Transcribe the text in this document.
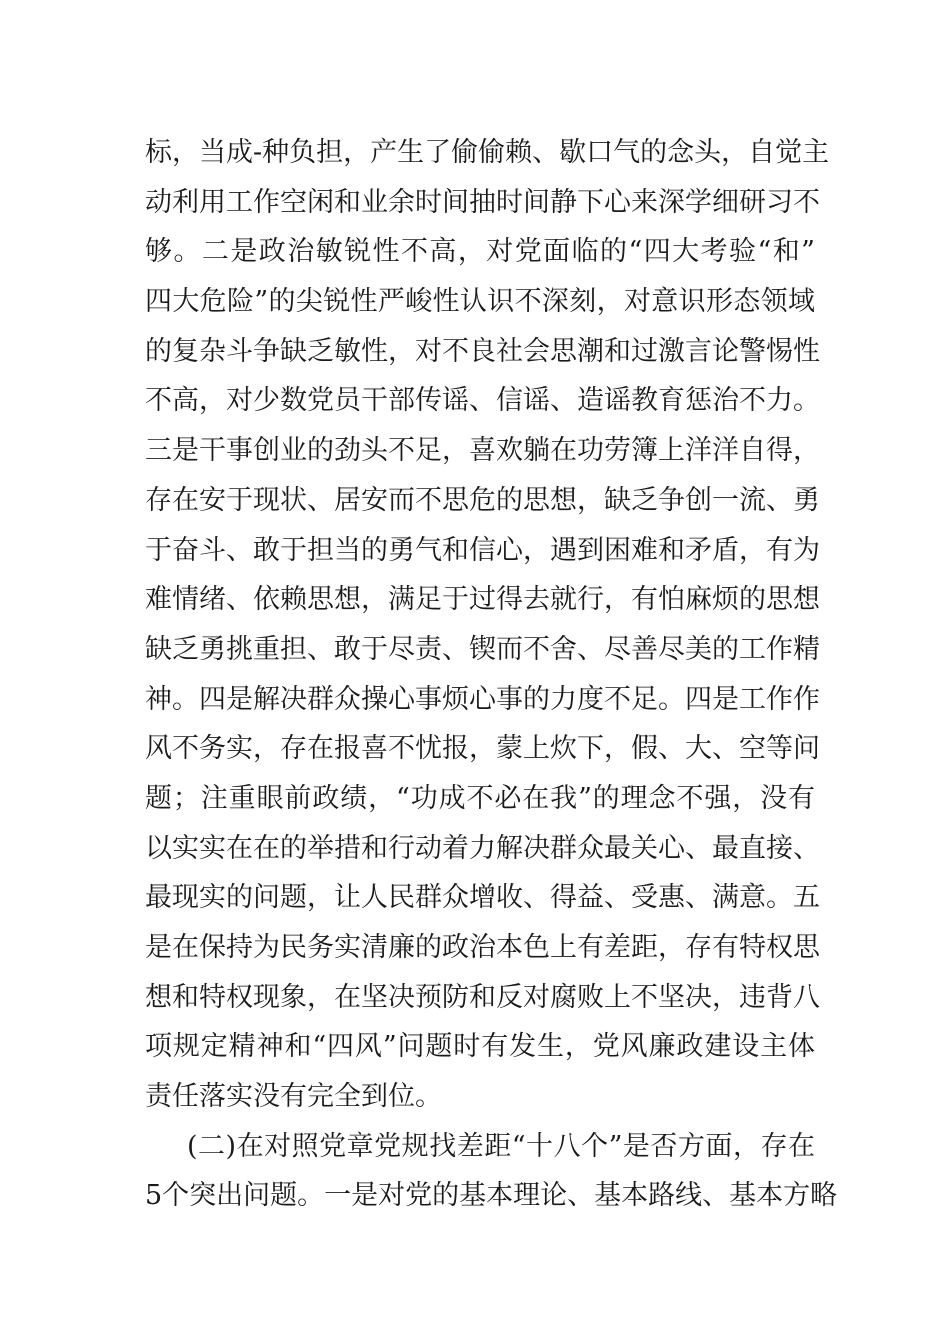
标，当成-种负担，产生了偷偷赖、歇口气的念头，自觉主
动利用工作空闲和业余时间抽时间静下心来深学细研习不
够。二是政治敏锐性不高，对党面临的“四大考验“和”
四大危险”的尖锐性严峻性认识不深刻，对意识形态领域
的复杂斗争缺乏敏性，对不良社会思潮和过激言论警惕性
不高，对少数党员干部传谣、信谣、造谣教育惩治不力。
三是干事创业的劲头不足，喜欢躺在功劳簿上洋洋自得，
存在安于现状、居安而不思危的思想，缺乏争创一流、勇
于奋斗、敢于担当的勇气和信心，遇到困难和矛盾，有为
难情绪、依赖思想，满足于过得去就行，有怕麻烦的思想
缺乏勇挑重担、敢于尽责、锲而不舍、尽善尽美的工作精
神。四是解决群众操心事烦心事的力度不足。四是工作作
风不务实，存在报喜不忧报，蒙上炊下，假、大、空等问
题；注重眼前政绩，“功成不必在我”的理念不强，没有
以实实在在的举措和行动着力解决群众最关心、最直接、
最现实的问题，让人民群众增收、得益、受惠、满意。五
是在保持为民务实清廉的政治本色上有差距，存有特权思
想和特权现象，在坚决预防和反对腐败上不坚决，违背八
项规定精神和“四风”问题时有发生，党风廉政建设主体
责任落实没有完全到位。
(二)在对照党章党规找差距“十八个”是否方面，存在
5个突出问题。一是对党的基本理论、基本路线、基本方略
